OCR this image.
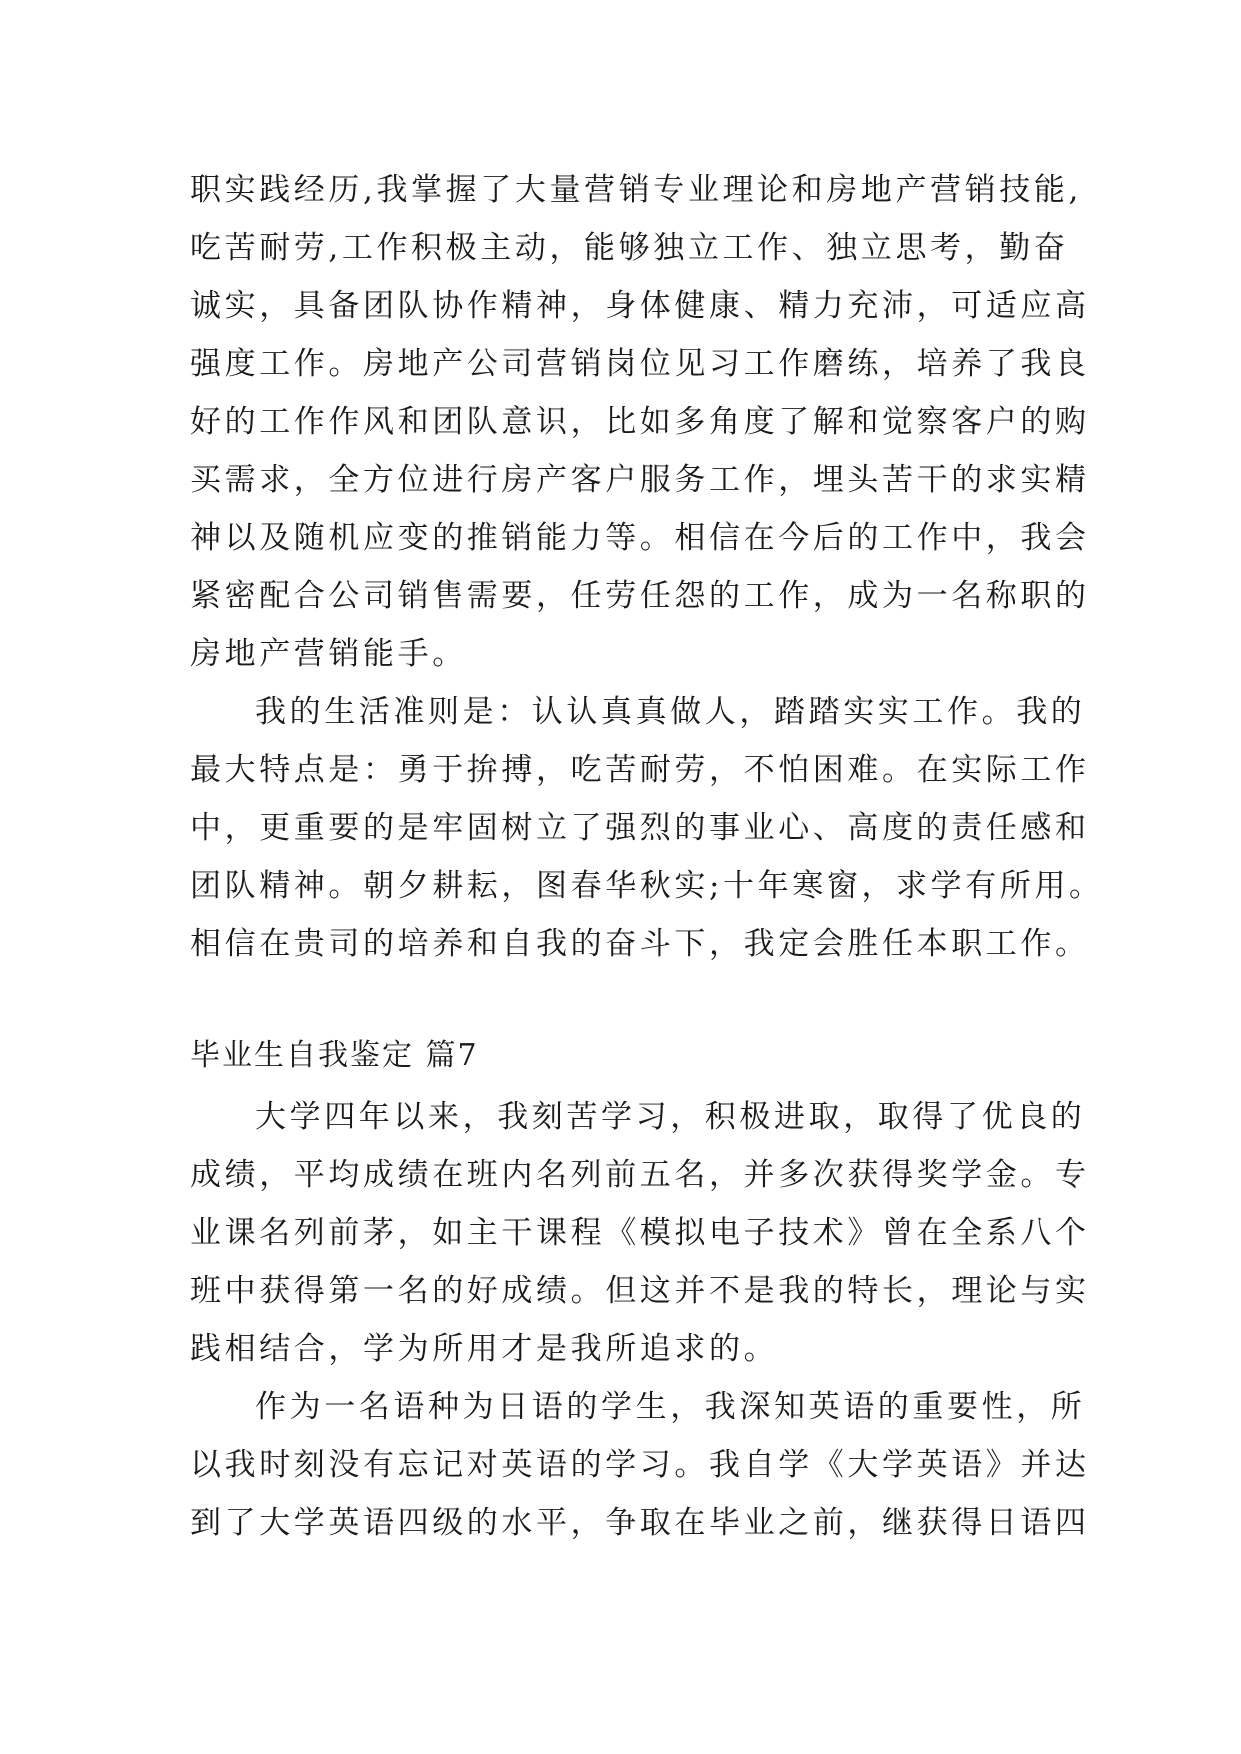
职实践经历,我掌握了大量营销专业理论和房地产营销技能,
吃苦耐劳,工作积极主动，能够独立工作、独立思考，勤奋
诚实，具备团队协作精神，身体健康、精力充沛，可适应高
强度工作。房地产公司营销岗位见习工作磨练，培养了我良
好的工作作风和团队意识，比如多角度了解和觉察客户的购
买需求，全方位进行房产客户服务工作，埋头苦干的求实精
神以及随机应变的推销能力等。相信在今后的工作中，我会
紧密配合公司销售需要，任劳任怨的工作，成为一名称职的
房地产营销能手。
我的生活准则是：认认真真做人，踏踏实实工作。我的
最大特点是：勇于拚搏，吃苦耐劳，不怕困难。在实际工作
中，更重要的是牢固树立了强烈的事业心、高度的责任感和
团队精神。朝夕耕耘，图春华秋实;十年寒窗，求学有所用。
相信在贵司的培养和自我的奋斗下，我定会胜任本职工作。
毕业生自我鉴定 篇7
大学四年以来，我刻苦学习，积极进取，取得了优良的
成绩，平均成绩在班内名列前五名，并多次获得奖学金。专
业课名列前茅，如主干课程《模拟电子技术》曾在全系八个
班中获得第一名的好成绩。但这并不是我的特长，理论与实
践相结合，学为所用才是我所追求的。
作为一名语种为日语的学生，我深知英语的重要性，所
以我时刻没有忘记对英语的学习。我自学《大学英语》并达
到了大学英语四级的水平，争取在毕业之前，继获得日语四
